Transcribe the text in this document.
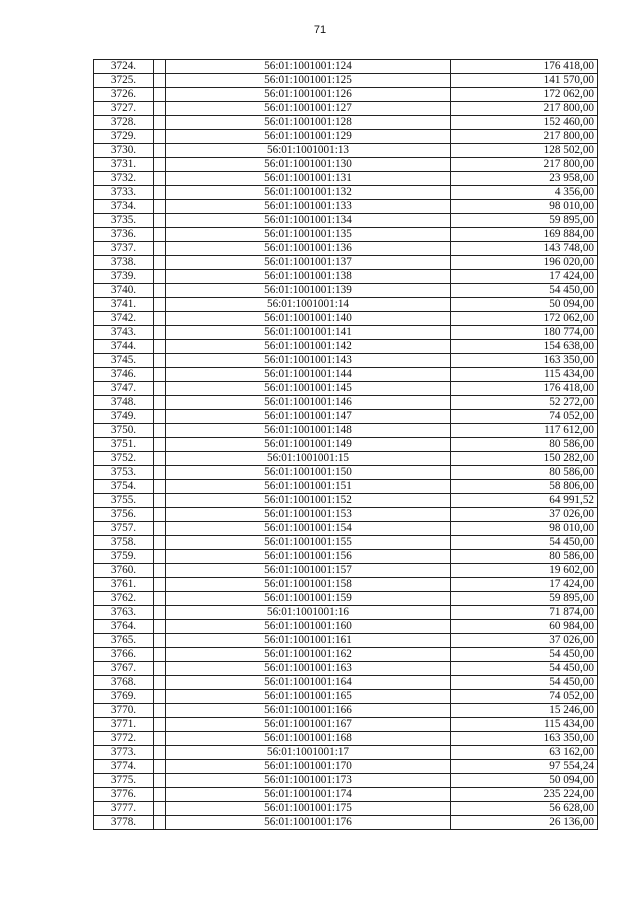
71
3724.		56:01:1001001:124	176 418,00
3725.		56:01:1001001:125	141 570,00
3726.		56:01:1001001:126	172 062,00
3727.		56:01:1001001:127	217 800,00
3728.		56:01:1001001:128	152 460,00
3729.		56:01:1001001:129	217 800,00
3730.		56:01:1001001:13	128 502,00
3731.		56:01:1001001:130	217 800,00
3732.		56:01:1001001:131	23 958,00
3733.		56:01:1001001:132	4 356,00
3734.		56:01:1001001:133	98 010,00
3735.		56:01:1001001:134	59 895,00
3736.		56:01:1001001:135	169 884,00
3737.		56:01:1001001:136	143 748,00
3738.		56:01:1001001:137	196 020,00
3739.		56:01:1001001:138	17 424,00
3740.		56:01:1001001:139	54 450,00
3741.		56:01:1001001:14	50 094,00
3742.		56:01:1001001:140	172 062,00
3743.		56:01:1001001:141	180 774,00
3744.		56:01:1001001:142	154 638,00
3745.		56:01:1001001:143	163 350,00
3746.		56:01:1001001:144	115 434,00
3747.		56:01:1001001:145	176 418,00
3748.		56:01:1001001:146	52 272,00
3749.		56:01:1001001:147	74 052,00
3750.		56:01:1001001:148	117 612,00
3751.		56:01:1001001:149	80 586,00
3752.		56:01:1001001:15	150 282,00
3753.		56:01:1001001:150	80 586,00
3754.		56:01:1001001:151	58 806,00
3755.		56:01:1001001:152	64 991,52
3756.		56:01:1001001:153	37 026,00
3757.		56:01:1001001:154	98 010,00
3758.		56:01:1001001:155	54 450,00
3759.		56:01:1001001:156	80 586,00
3760.		56:01:1001001:157	19 602,00
3761.		56:01:1001001:158	17 424,00
3762.		56:01:1001001:159	59 895,00
3763.		56:01:1001001:16	71 874,00
3764.		56:01:1001001:160	60 984,00
3765.		56:01:1001001:161	37 026,00
3766.		56:01:1001001:162	54 450,00
3767.		56:01:1001001:163	54 450,00
3768.		56:01:1001001:164	54 450,00
3769.		56:01:1001001:165	74 052,00
3770.		56:01:1001001:166	15 246,00
3771.		56:01:1001001:167	115 434,00
3772.		56:01:1001001:168	163 350,00
3773.		56:01:1001001:17	63 162,00
3774.		56:01:1001001:170	97 554,24
3775.		56:01:1001001:173	50 094,00
3776.		56:01:1001001:174	235 224,00
3777.		56:01:1001001:175	56 628,00
3778.		56:01:1001001:176	26 136,00
